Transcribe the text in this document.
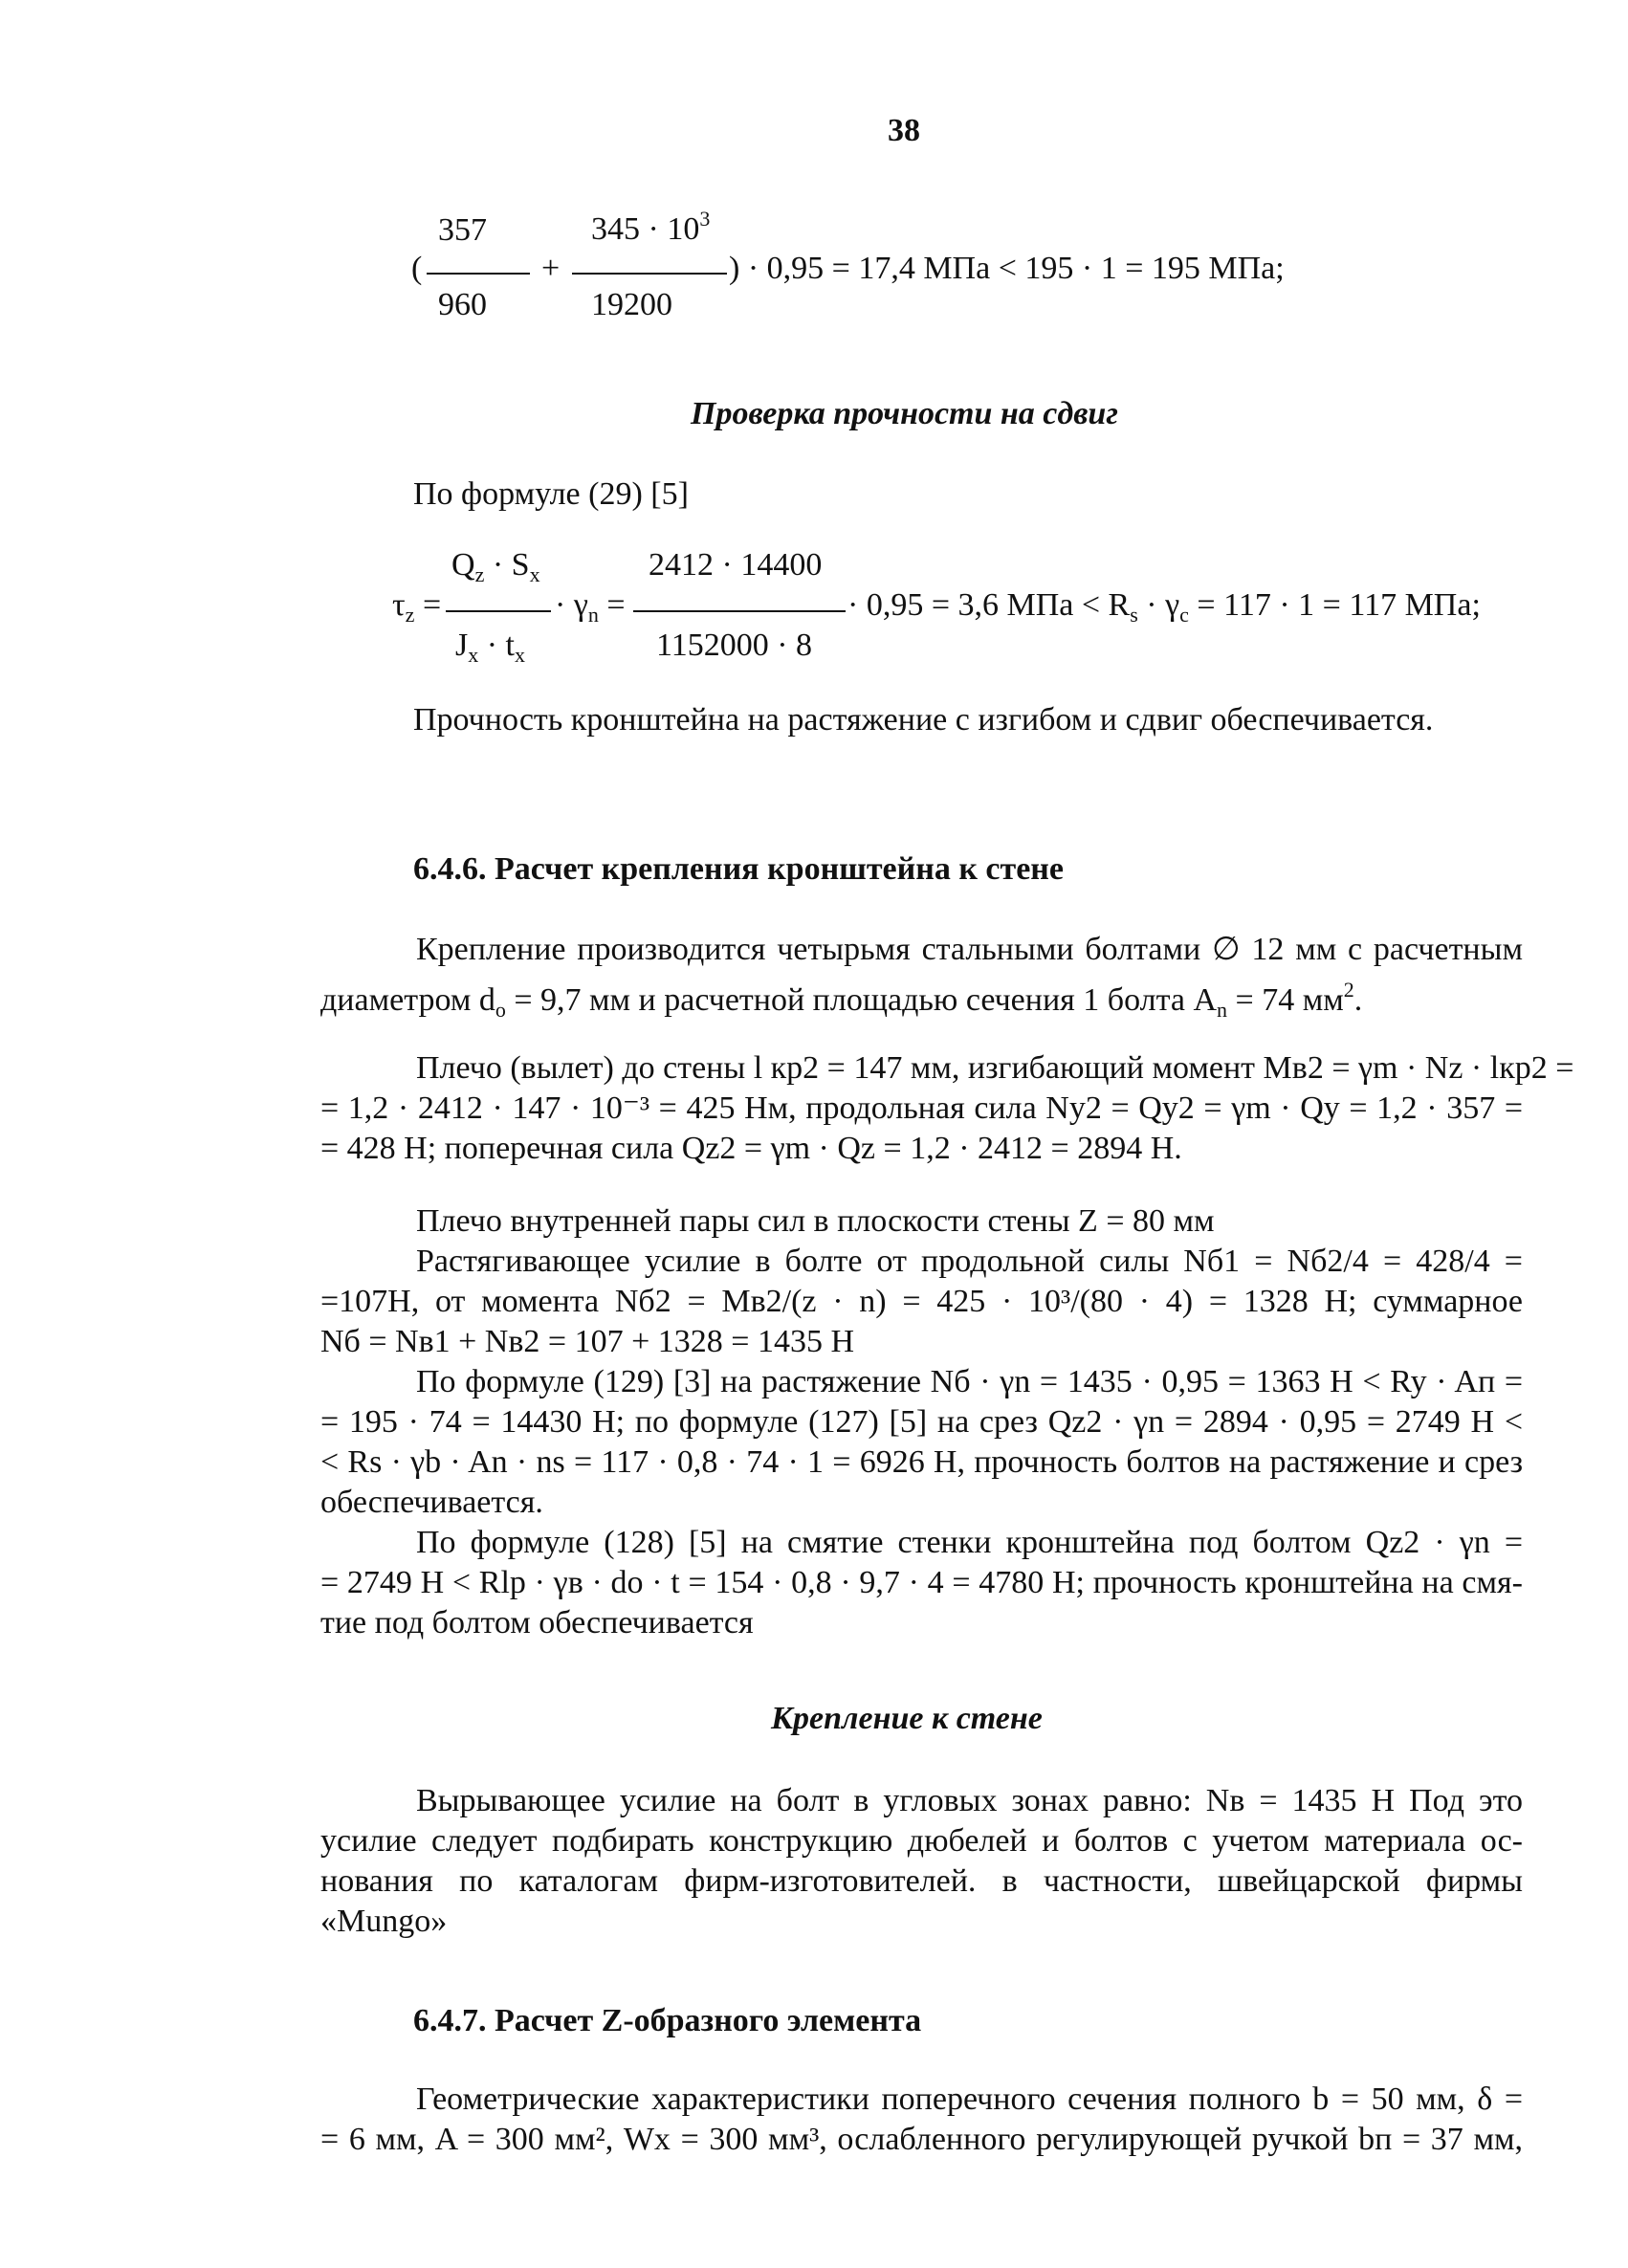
38
357
960
$345 \cdot 10^3$
19200
(	+	) · 0,95 = 17,4 МПа < 195 · 1 = 195 МПа;
Проверка прочности на сдвиг
По формуле (29) [5]
$Q_z \cdot S_x$
$J_x \cdot t_x$
$\tau_z$ =	· $\gamma_n$ =
2412 · 14400
1152000 · 8
· 0,95 = 3,6 МПа < $R_s \cdot \gamma_c = 117 \cdot 1 = 117$ МПа;
Прочность кронштейна на растяжение с изгибом и сдвиг обеспечивается.
6.4.6. Расчет крепления кронштейна к стене
Крепление производится четырьмя стальными болтами ∅ 12 мм с расчетным
диаметром $d_o = 9,7$ мм и расчетной площадью сечения 1 болта $A_n = 74$ $мм^2$.
Плечо (вылет) до стены l кр2 = 147 мм, изгибающий момент Mв2 = γm · Nz · lкр2 =
= 1,2 · 2412 · 147 · 10⁻³ = 425 Нм, продольная сила Ny2 = Qy2 = γm · Qy = 1,2 · 357 =
= 428 Н; поперечная сила Qz2 = γm · Qz = 1,2 · 2412 = 2894 Н.
Плечо внутренней пары сил в плоскости стены Z = 80 мм
Растягивающее усилие в болте от продольной силы Nб1 = Nб2/4 = 428/4 =
=107Н, от момента Nб2 = Mв2/(z · n) = 425 · 10³/(80 · 4) = 1328 Н; суммарное
Nб = Nв1 + Nв2 = 107 + 1328 = 1435 Н
По формуле (129) [3] на растяжение Nб · γn = 1435 · 0,95 = 1363 Н < Ry · Aп =
= 195 · 74 = 14430 Н; по формуле (127) [5] на срез Qz2 · γn = 2894 · 0,95 = 2749 Н <
< Rs · γb · An · ns = 117 · 0,8 · 74 · 1 = 6926 Н, прочность болтов на растяжение и срез
обеспечивается.
По формуле (128) [5] на смятие стенки кронштейна под болтом Qz2 · γn =
= 2749 Н < Rlp · γв · do · t = 154 · 0,8 · 9,7 · 4 = 4780 Н; прочность кронштейна на смя-
тие под болтом обеспечивается
Крепление к стене
Вырывающее усилие на болт в угловых зонах равно: Nв = 1435 Н Под это
усилие следует подбирать конструкцию дюбелей и болтов с учетом материала ос-
нования по каталогам фирм-изготовителей. в частности, швейцарской фирмы
«Mungo»
6.4.7. Расчет Z-образного элемента
Геометрические характеристики поперечного сечения полного b = 50 мм, δ =
= 6 мм, A = 300 мм², Wx = 300 мм³, ослабленного регулирующей ручкой bп = 37 мм,
